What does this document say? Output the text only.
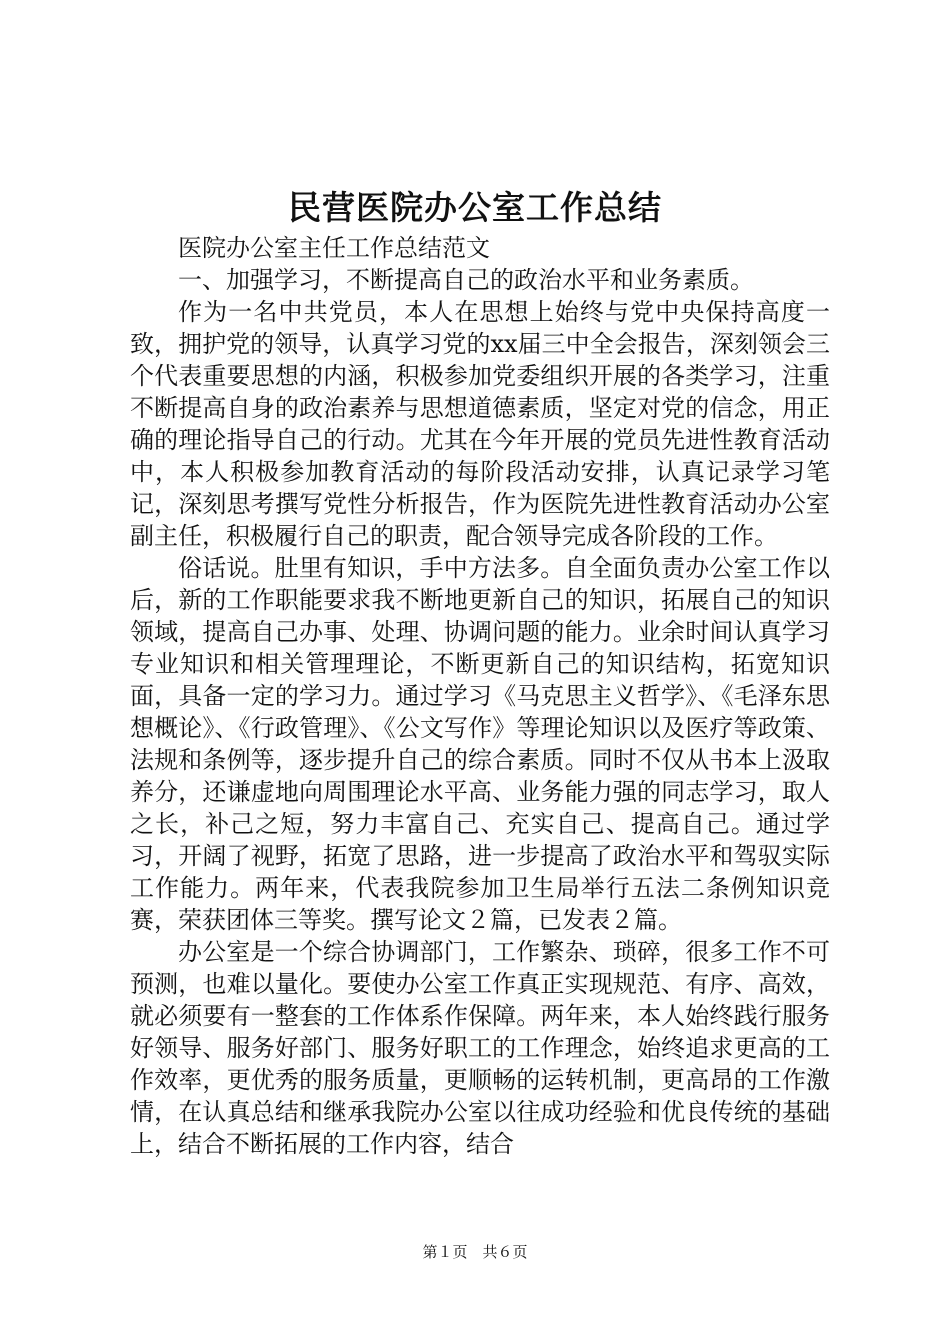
民营医院办公室工作总结

医院办公室主任工作总结范文

一、加强学习，不断提高自己的政治水平和业务素质。

作为一名中共党员，本人在思想上始终与党中央保持高度一致，拥护党的领导，认真学习党的xx届三中全会报告，深刻领会三个代表重要思想的内涵，积极参加党委组织开展的各类学习，注重不断提高自身的政治素养与思想道德素质，坚定对党的信念，用正确的理论指导自己的行动。尤其在今年开展的党员先进性教育活动中，本人积极参加教育活动的每阶段活动安排，认真记录学习笔记，深刻思考撰写党性分析报告，作为医院先进性教育活动办公室副主任，积极履行自己的职责，配合领导完成各阶段的工作。

俗话说。肚里有知识，手中方法多。自全面负责办公室工作以后，新的工作职能要求我不断地更新自己的知识，拓展自己的知识领域，提高自己办事、处理、协调问题的能力。业余时间认真学习专业知识和相关管理理论，不断更新自己的知识结构，拓宽知识面，具备一定的学习力。通过学习《马克思主义哲学》、《毛泽东思想概论》、《行政管理》、《公文写作》等理论知识以及医疗等政策、法规和条例等，逐步提升自己的综合素质。同时不仅从书本上汲取养分，还谦虚地向周围理论水平高、业务能力强的同志学习，取人之长，补己之短，努力丰富自己、充实自己、提高自己。通过学习，开阔了视野，拓宽了思路，进一步提高了政治水平和驾驭实际工作能力。两年来，代表我院参加卫生局举行五法二条例知识竞赛，荣获团体三等奖。撰写论文２篇，已发表２篇。

办公室是一个综合协调部门，工作繁杂、琐碎，很多工作不可预测，也难以量化。要使办公室工作真正实现规范、有序、高效，就必须要有一整套的工作体系作保障。两年来，本人始终践行服务好领导、服务好部门、服务好职工的工作理念，始终追求更高的工作效率，更优秀的服务质量，更顺畅的运转机制，更高昂的工作激情，在认真总结和继承我院办公室以往成功经验和优良传统的基础上，结合不断拓展的工作内容，结合

第１页　共６页
